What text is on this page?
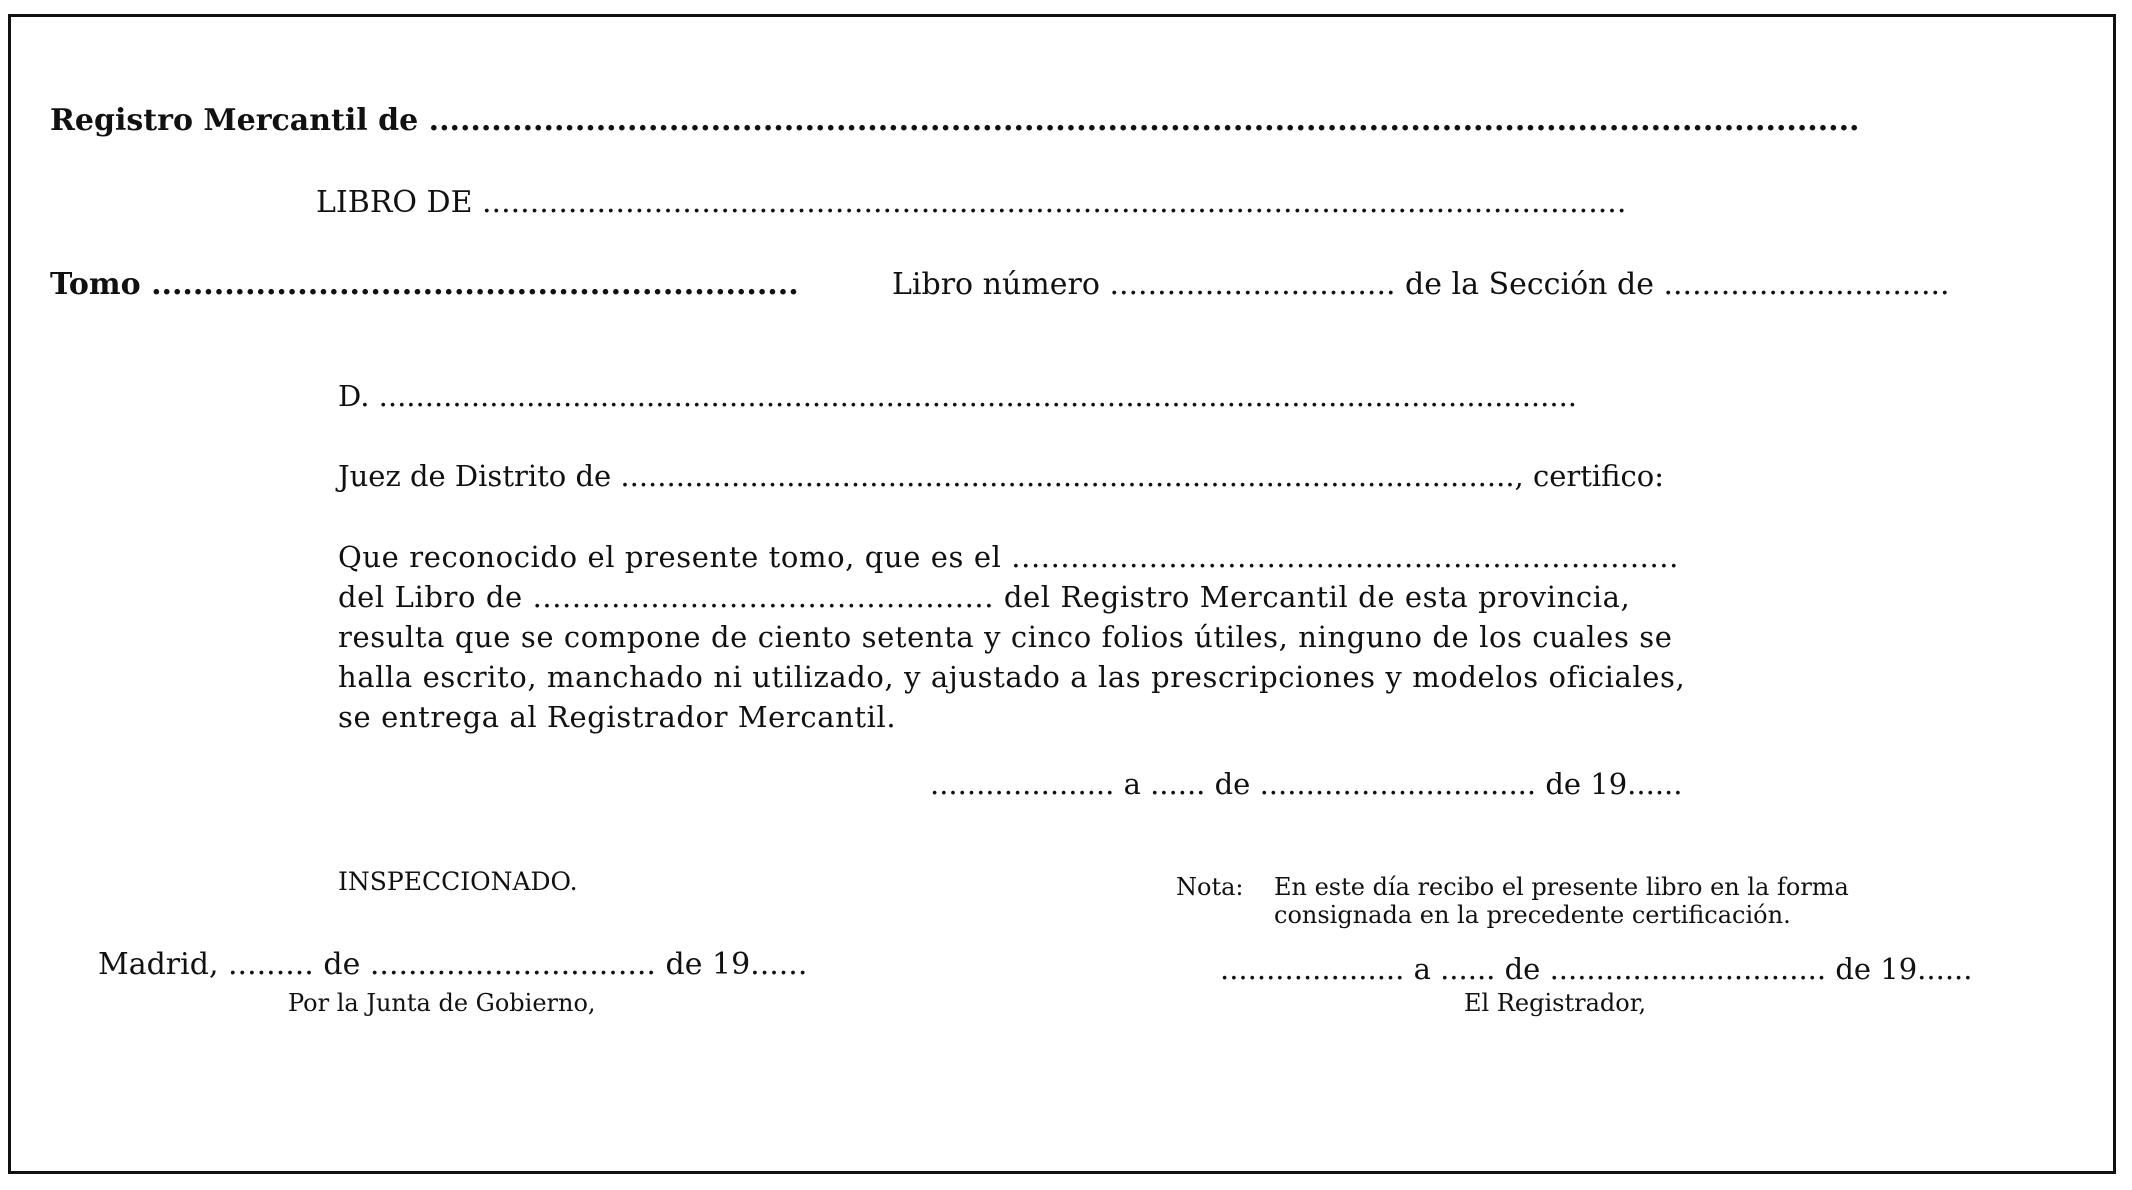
Registro Mercantil de .........................................................................................................................................
LIBRO DE ........................................................................................................................
Tomo ..............................................................	Libro número .............................. de la Sección de ..............................
D. ..................................................................................................................................
Juez de Distrito de ................................................................................................., certifico:
Que reconocido el presente tomo, que es el ....................................................................
del Libro de ............................................... del Registro Mercantil de esta provincia,
resulta que se compone de ciento setenta y cinco folios útiles, ninguno de los cuales se
halla escrito, manchado ni utilizado, y ajustado a las prescripciones y modelos oficiales,
se entrega al Registrador Mercantil.
.................... a ...... de .............................. de 19......
INSPECCIONADO.	Nota:	En este día recibo el presente libro en la forma
consignada en la precedente certificación.
Madrid, ......... de .............................. de 19......
Por la Junta de Gobierno,
.................... a ...... de .............................. de 19......
El Registrador,
